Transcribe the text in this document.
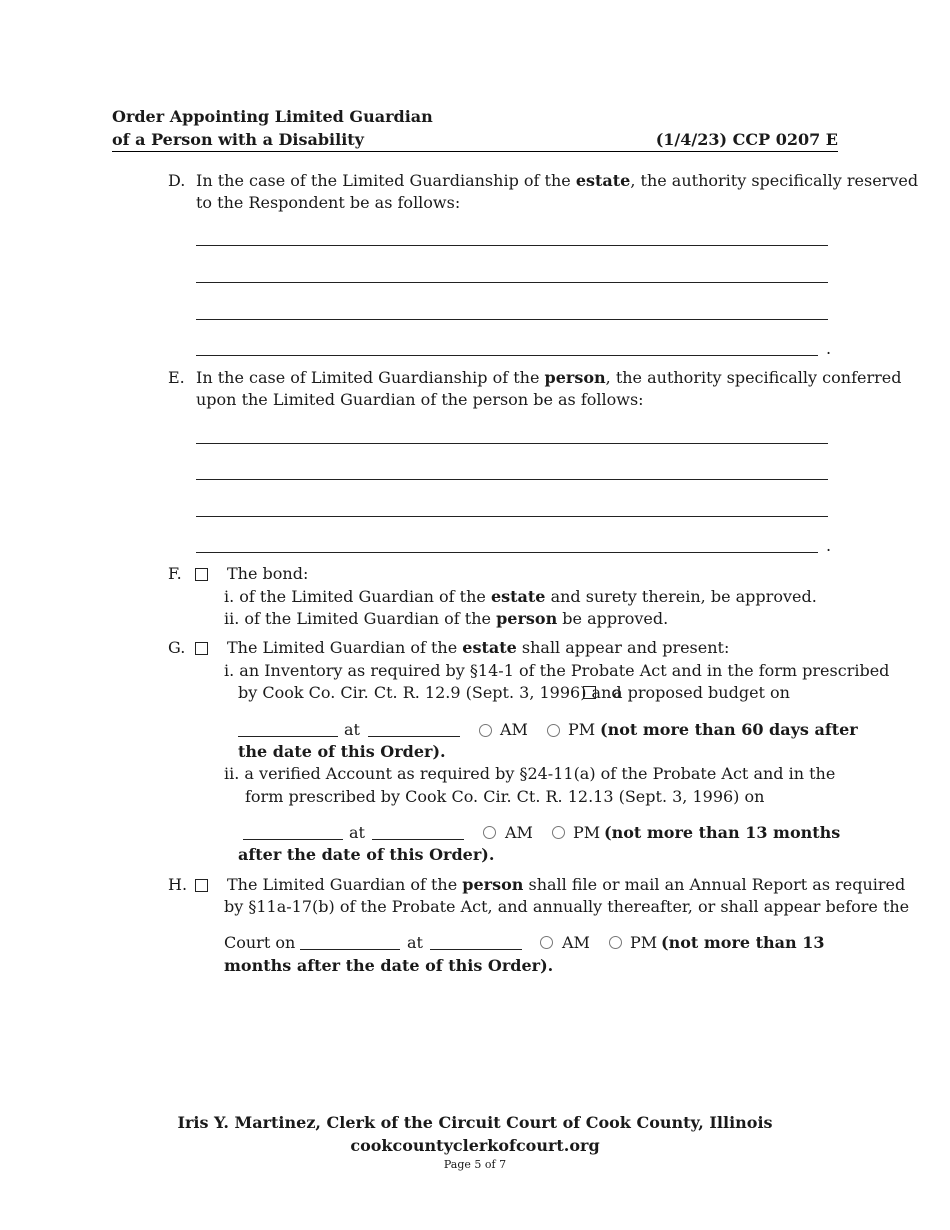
Order Appointing Limited Guardian
of a Person with a Disability	(1/4/23) CCP 0207 E
D. In the case of the Limited Guardianship of the estate, the authority specifically reserved
to the Respondent be as follows:
.
E. In the case of Limited Guardianship of the person, the authority specifically conferred
upon the Limited Guardian of the person be as follows:
.
F.	The bond:
i. of the Limited Guardian of the estate and surety therein, be approved.
ii. of the Limited Guardian of the person be approved.
G.	The Limited Guardian of the estate shall appear and present:
i. an Inventory as required by §14-1 of the Probate Act and in the form prescribed
by Cook Co. Cir. Ct. R. 12.9 (Sept. 3, 1996) and
a proposed budget on
at	AM	PM (not more than 60 days after
the date of this Order).
ii. a verified Account as required by §24-11(a) of the Probate Act and in the
form prescribed by Cook Co. Cir. Ct. R. 12.13 (Sept. 3, 1996) on
at	AM	PM (not more than 13 months
after the date of this Order).
H. The Limited Guardian of the person shall file or mail an Annual Report as required
by §11a-17(b) of the Probate Act, and annually thereafter, or shall appear before the
Court on	at	AM	PM (not more than 13
months after the date of this Order).
Iris Y. Martinez, Clerk of the Circuit Court of Cook County, Illinois
cookcountyclerkofcourt.org
Page 5 of 7
